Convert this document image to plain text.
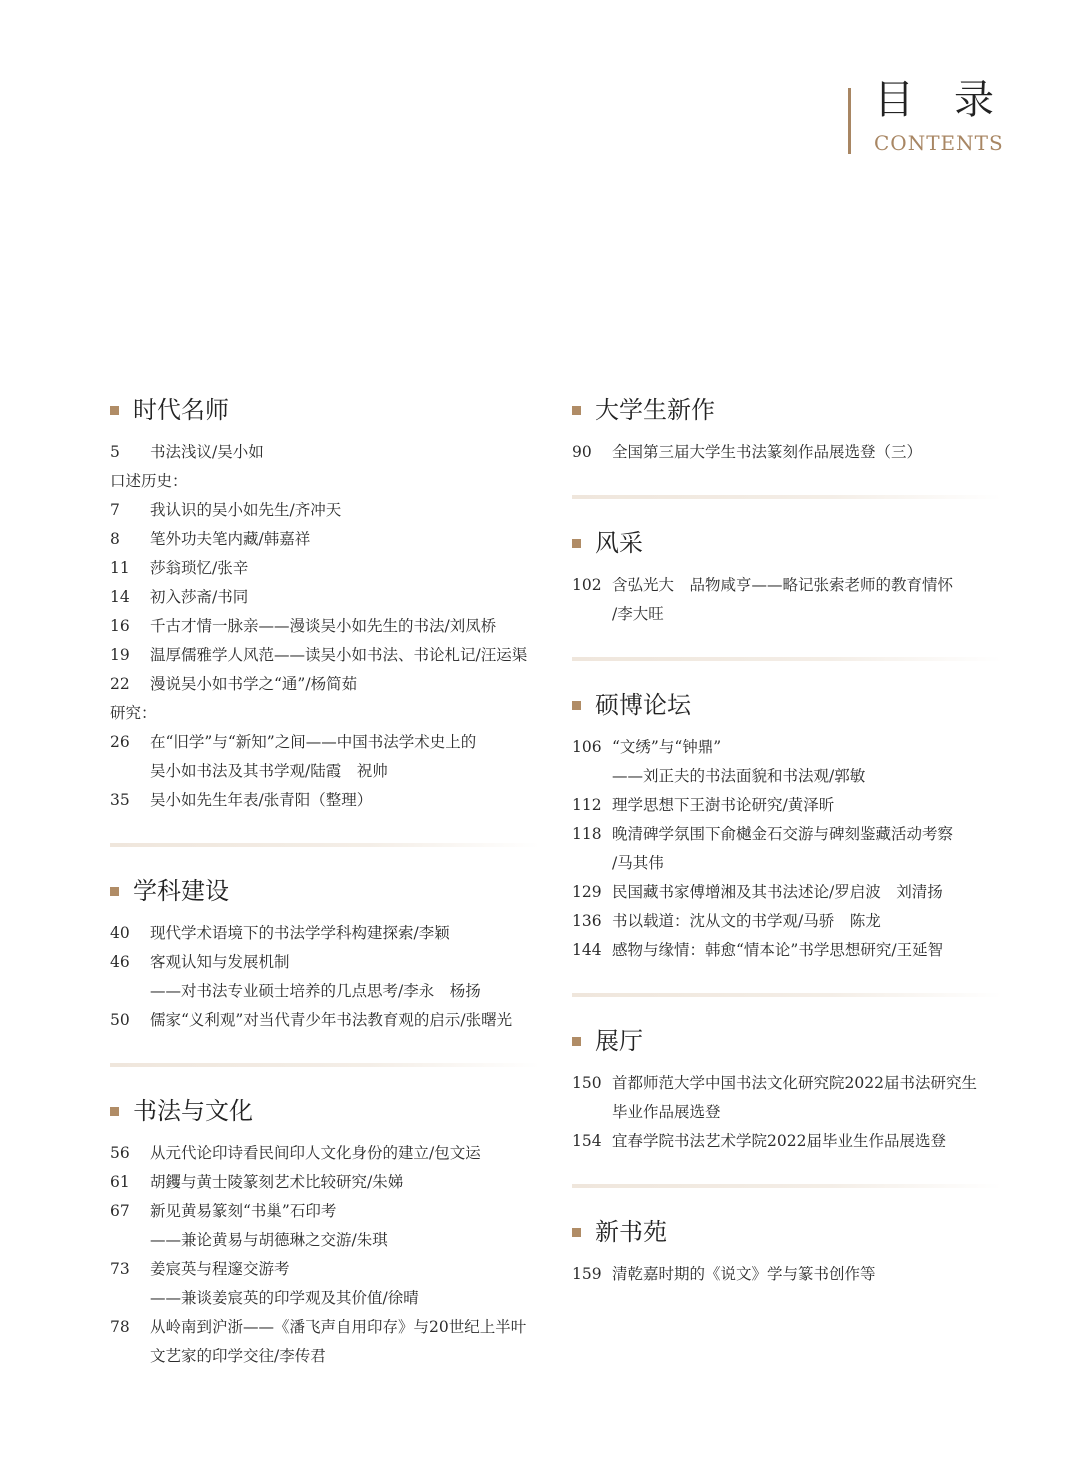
目录
CONTENTS
时代名师
5	书法浅议/吴小如
口述历史：
7	我认识的吴小如先生/齐冲天
8	笔外功夫笔内藏/韩嘉祥
11	莎翁琐忆/张辛
14	初入莎斋/书同
16	千古才情一脉亲——漫谈吴小如先生的书法/刘凤桥
19	温厚儒雅学人风范——读吴小如书法、书论札记/汪运渠
22	漫说吴小如书学之“通”/杨简茹
研究：
26	在“旧学”与“新知”之间——中国书法学术史上的
吴小如书法及其书学观/陆霞　祝帅
35	吴小如先生年表/张青阳（整理）
学科建设
40	现代学术语境下的书法学学科构建探索/李颖
46	客观认知与发展机制
——对书法专业硕士培养的几点思考/李永　杨扬
50	儒家“义利观”对当代青少年书法教育观的启示/张曙光
书法与文化
56	从元代论印诗看民间印人文化身份的建立/包文运
61	胡钁与黄士陵篆刻艺术比较研究/朱娣
67	新见黄易篆刻“书巢”石印考
——兼论黄易与胡德琳之交游/朱琪
73	姜宸英与程邃交游考
——兼谈姜宸英的印学观及其价值/徐晴
78	从岭南到沪浙——《潘飞声自用印存》与20世纪上半叶
文艺家的印学交往/李传君
大学生新作
90	全国第三届大学生书法篆刻作品展选登（三）
风采
102 含弘光大　品物咸亨——略记张索老师的教育情怀
/李大旺
硕博论坛
106 “文绣”与“钟鼎”
——刘正夫的书法面貌和书法观/郭敏
112 理学思想下王澍书论研究/黄泽昕
118 晚清碑学氛围下俞樾金石交游与碑刻鉴藏活动考察
/马其伟
129 民国藏书家傅增湘及其书法述论/罗启波　刘清扬
136 书以载道：沈从文的书学观/马骄　陈龙
144 感物与缘情：韩愈“情本论”书学思想研究/王延智
展厅
150 首都师范大学中国书法文化研究院2022届书法研究生
毕业作品展选登
154 宜春学院书法艺术学院2022届毕业生作品展选登
新书苑
159 清乾嘉时期的《说文》学与篆书创作等
